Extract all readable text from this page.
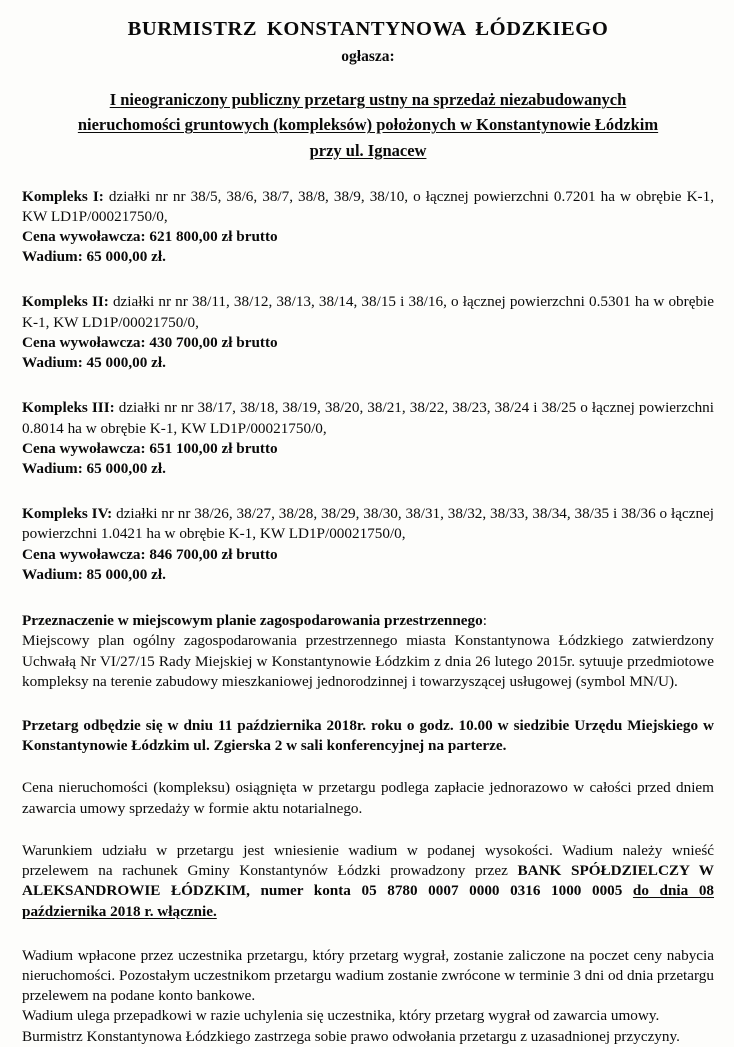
BURMISTRZ KONSTANTYNOWA ŁÓDZKIEGO
ogłasza:
I nieograniczony publiczny przetarg ustny na sprzedaż niezabudowanych
nieruchomości gruntowych (kompleksów) położonych w Konstantynowie Łódzkim
przy ul. Ignacew

Kompleks I: działki nr nr 38/5, 38/6, 38/7, 38/8, 38/9, 38/10, o łącznej powierzchni 0.7201 ha w obrębie K-1, KW LD1P/00021750/0,

Cena wywoławcza: 621 800,00 zł brutto

Wadium: 65 000,00 zł.

Kompleks II: działki nr nr 38/11, 38/12, 38/13, 38/14, 38/15 i 38/16, o łącznej powierzchni 0.5301 ha w obrębie K-1, KW LD1P/00021750/0,

Cena wywoławcza: 430 700,00 zł brutto

Wadium: 45 000,00 zł.

Kompleks III: działki nr nr 38/17, 38/18, 38/19, 38/20, 38/21, 38/22, 38/23, 38/24 i 38/25 o łącznej powierzchni 0.8014 ha w obrębie K-1, KW LD1P/00021750/0,

Cena wywoławcza: 651 100,00 zł brutto

Wadium: 65 000,00 zł.

Kompleks IV: działki nr nr 38/26, 38/27, 38/28, 38/29, 38/30, 38/31, 38/32, 38/33, 38/34, 38/35 i 38/36 o łącznej powierzchni 1.0421 ha w obrębie K-1, KW LD1P/00021750/0,

Cena wywoławcza: 846 700,00 zł brutto

Wadium: 85 000,00 zł.

Przeznaczenie w miejscowym planie zagospodarowania przestrzennego:

Miejscowy plan ogólny zagospodarowania przestrzennego miasta Konstantynowa Łódzkiego zatwierdzony Uchwałą Nr VI/27/15 Rady Miejskiej w Konstantynowie Łódzkim z dnia 26 lutego 2015r. sytuuje przedmiotowe kompleksy na terenie zabudowy mieszkaniowej jednorodzinnej i towarzyszącej usługowej (symbol MN/U).

Przetarg odbędzie się w dniu 11 października 2018r. roku o godz. 10.00 w siedzibie Urzędu Miejskiego w Konstantynowie Łódzkim ul. Zgierska 2 w sali konferencyjnej na parterze.

Cena nieruchomości (kompleksu) osiągnięta w przetargu podlega zapłacie jednorazowo w całości przed dniem zawarcia umowy sprzedaży w formie aktu notarialnego.

Warunkiem udziału w przetargu jest wniesienie wadium w podanej wysokości. Wadium należy wnieść przelewem na rachunek Gminy Konstantynów Łódzki prowadzony przez BANK SPÓŁDZIELCZY W ALEKSANDROWIE ŁÓDZKIM, numer konta 05 8780 0007 0000 0316 1000 0005 do dnia 08 października 2018 r. włącznie.

Wadium wpłacone przez uczestnika przetargu, który przetarg wygrał, zostanie zaliczone na poczet ceny nabycia nieruchomości. Pozostałym uczestnikom przetargu wadium zostanie zwrócone w terminie 3 dni od dnia przetargu przelewem na podane konto bankowe.

Wadium ulega przepadkowi w razie uchylenia się uczestnika, który przetarg wygrał od zawarcia umowy.

Burmistrz Konstantynowa Łódzkiego zastrzega sobie prawo odwołania przetargu z uzasadnionej przyczyny.
